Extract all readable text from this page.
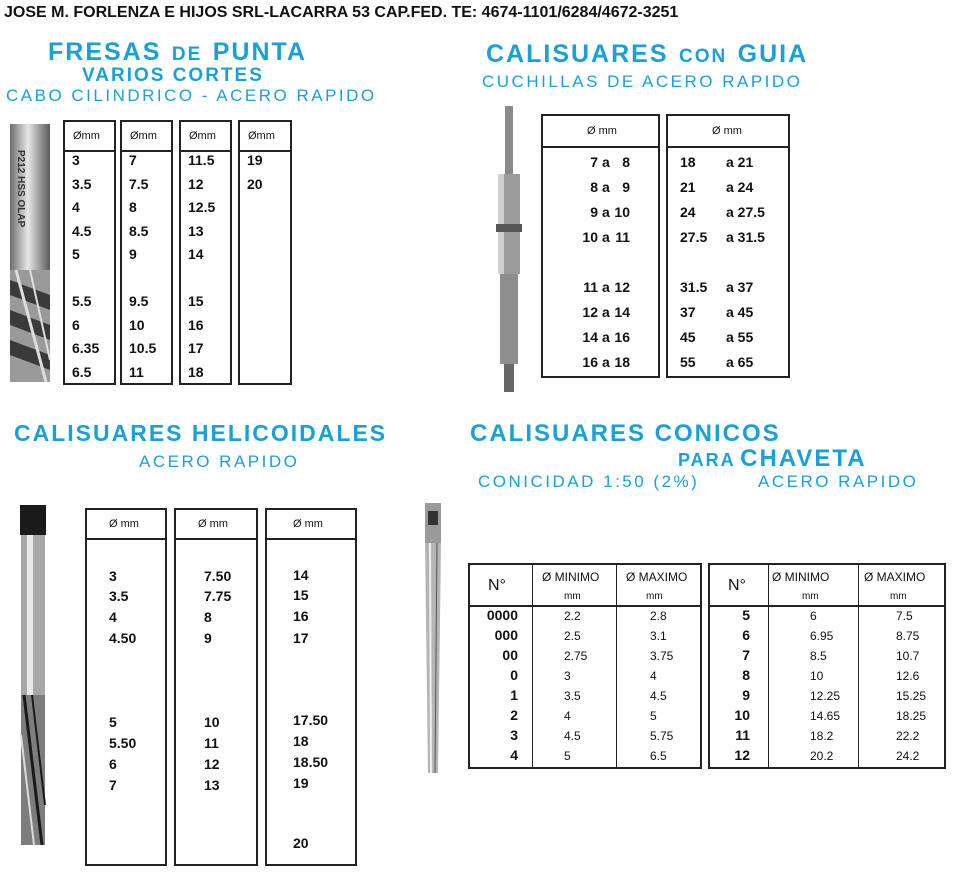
JOSE M. FORLENZA E HIJOS SRL-LACARRA 53 CAP.FED. TE: 4674-1101/6284/4672-3251
FRESAS DE PUNTA
VARIOS CORTES
CABO CILINDRICO - ACERO RAPIDO
P212 HSS OLAP
Ømm
3
3.5
4
4.5
5
5.5
6
6.35
6.5
Ømm
7
7.5
8
8.5
9
9.5
10
10.5
11
Ømm
11.5
12
12.5
13
14
15
16
17
18
Ømm
19
20
CALISUARES CON GUIA
CUCHILLAS DE ACERO RAPIDO
Ø mm
7 a 8
8 a 9
9 a 10
10 a 11
11 a 12
12 a 14
14 a 16
16 a 18
Ø mm
18 a 21
21 a 24
24 a 27.5
27.5 a 31.5
31.5 a 37
37 a 45
45 a 55
55 a 65
CALISUARES HELICOIDALES
ACERO RAPIDO
Ø mm
3
3.5
4
4.50
5
5.50
6
7
Ø mm
7.50
7.75
8
9
10
11
12
13
Ø mm
14
15
16
17
17.50
18
18.50
19
20
CALISUARES CONICOS
PARA CHAVETA
CONICIDAD 1:50 (2%)	ACERO RAPIDO
N°	Ø MINIMO Ø MAXIMO
mm	mm
0000	2.2	2.8
000	2.5	3.1
00	2.75	3.75
0	3	4
1	3.5	4.5
2	4	5
3	4.5	5.75
4	5	6.5
N° Ø MINIMO	Ø MAXIMO
mm	mm
5	6	7.5
6	6.95	8.75
7	8.5	10.7
8	10	12.6
9	12.25	15.25
10	14.65	18.25
11	18.2	22.2
12	20.2	24.2
